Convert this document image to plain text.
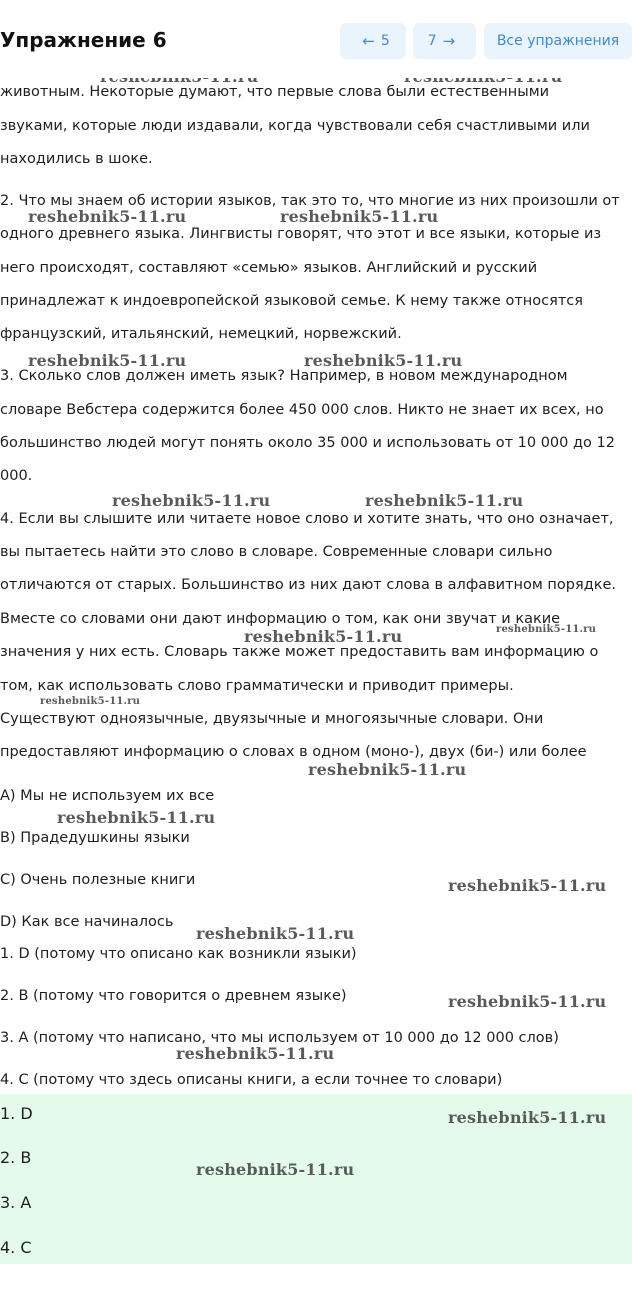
животным. Некоторые думают, что первые слова были естественными
звуками, которые люди издавали, когда чувствовали себя счастливыми или
находились в шоке.
2. Что мы знаем об истории языков, так это то, что многие из них произошли от
одного древнего языка. Лингвисты говорят, что этот и все языки, которые из
него происходят, составляют «семью» языков. Английский и русский
принадлежат к индоевропейской языковой семье. К нему также относятся
французский, итальянский, немецкий, норвежский.
3. Сколько слов должен иметь язык? Например, в новом международном
словаре Вебстера содержится более 450 000 слов. Никто не знает их всех, но
большинство людей могут понять около 35 000 и использовать от 10 000 до 12
000.
4. Если вы слышите или читаете новое слово и хотите знать, что оно означает,
вы пытаетесь найти это слово в словаре. Современные словари сильно
отличаются от старых. Большинство из них дают слова в алфавитном порядке.
Вместе со словами они дают информацию о том, как они звучат и какие
значения у них есть. Словарь также может предоставить вам информацию о
том, как использовать слово грамматически и приводит примеры.
Существуют одноязычные, двуязычные и многоязычные словари. Они
предоставляют информацию о словах в одном (моно-), двух (би-) или более
A) Мы не используем их все
B) Прадедушкины языки
C) Очень полезные книги
D) Как все начиналось
1. D (потому что описано как возникли языки)
2. B (потому что говорится о древнем языке)
3. A (потому что написано, что мы используем от 10 000 до 12 000 слов)
4. C (потому что здесь описаны книги, а если точнее то словари)
1. D
2. B
3. A
4. C
reshebnik5-11.ru	reshebnik5-11.ru
reshebnik5-11.ru	reshebnik5-11.ru
reshebnik5-11.ru	reshebnik5-11.ru
reshebnik5-11.ru	reshebnik5-11.ru
reshebnik5-11.ru
reshebnik5-11.ru
reshebnik5-11.ru
reshebnik5-11.ru
reshebnik5-11.ru
reshebnik5-11.ru
reshebnik5-11.ru
reshebnik5-11.ru
reshebnik5-11.ru
Упражнение 6	← 5	7 →	Все упражнения
